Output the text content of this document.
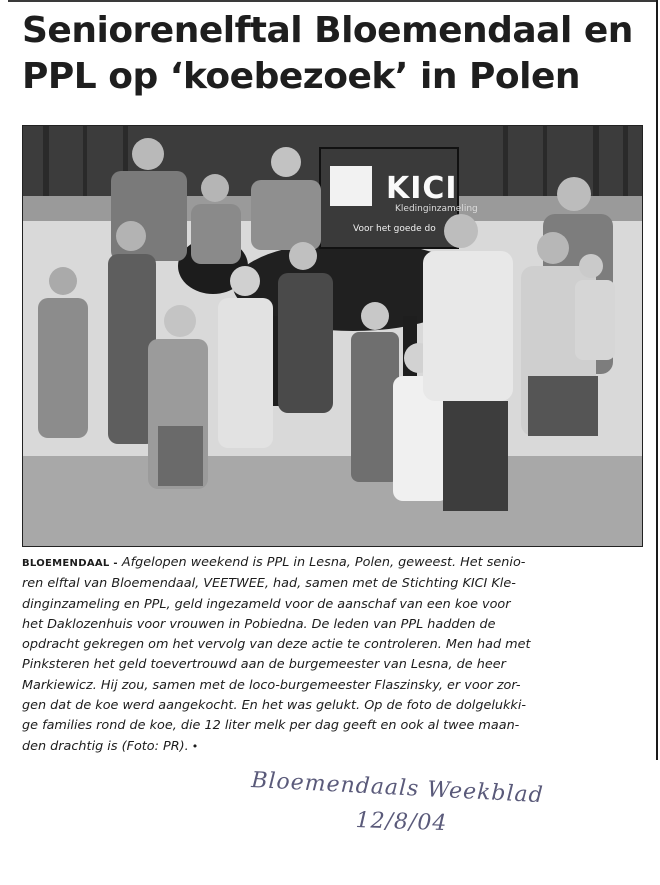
Seniorenelftal Bloemendaal en
PPL op ‘koebezoek’ in Polen
KICI
Kledinginzameling
Voor het goede do

BLOEMENDAAL - Afgelopen weekend is PPL in Lesna, Polen, geweest. Het senio-
ren elftal van Bloemendaal, VEETWEE, had, samen met de Stichting KICI Kle-
dinginzameling en PPL, geld ingezameld voor de aanschaf van een koe voor
het Daklozenhuis voor vrouwen in Pobiedna. De leden van PPL hadden de
opdracht gekregen om het vervolg van deze actie te controleren. Men had met
Pinksteren het geld toevertrouwd aan de burgemeester van Lesna, de heer
Markiewicz. Hij zou, samen met de loco-burgemeester Flaszinsky, er voor zor-
gen dat de koe werd aangekocht. En het was gelukt. Op de foto de dolgelukki-
ge families rond de koe, die 12 liter melk per dag geeft en ook al twee maan-
den drachtig is (Foto: PR). •

Bloemendaals Weekblad
12/8/04
